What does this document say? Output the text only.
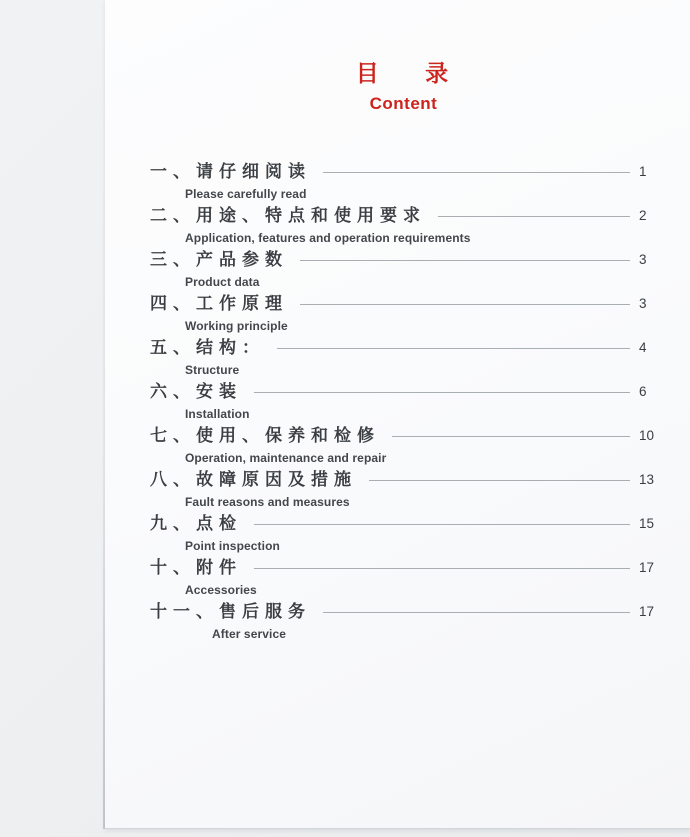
目 录
Content
一、请仔细阅读	1
Please carefully read
二、用途、特点和使用要求	2
Application, features and operation requirements
三、产品参数	3
Product data
四、工作原理	3
Working principle
五、结构：	4
Structure
六、安装	6
Installation
七、使用、保养和检修	10
Operation, maintenance and repair
八、故障原因及措施	13
Fault reasons and measures
九、点检	15
Point inspection
十、附件	17
Accessories
十一、售后服务	17
After service
